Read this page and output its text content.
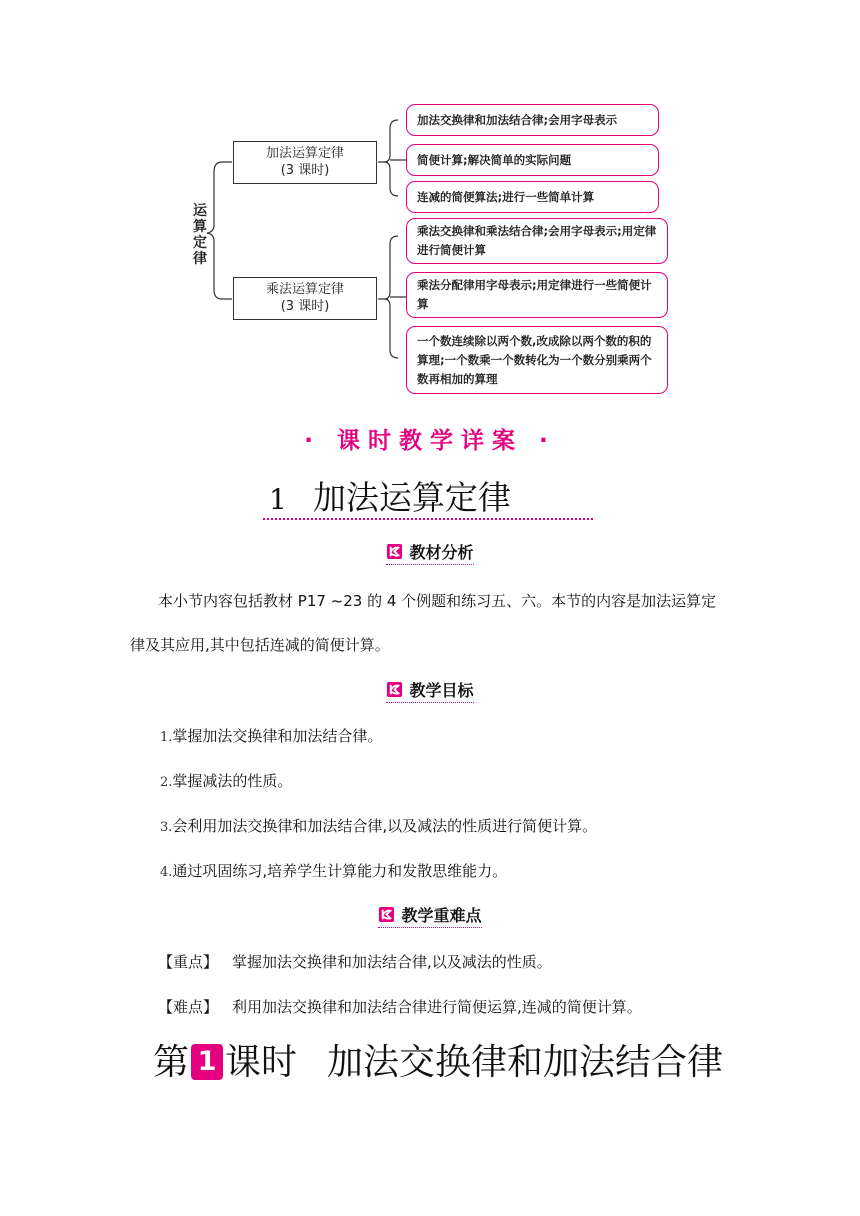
运算定律
加法运算定律
(3 课时)
乘法运算定律
(3 课时)
加法交换律和加法结合律;会用字母表示
简便计算;解决简单的实际问题
连减的简便算法;进行一些简单计算
乘法交换律和乘法结合律;会用字母表示;用定律进行简便计算
乘法分配律用字母表示;用定律进行一些简便计算
一个数连续除以两个数,改成除以两个数的积的算理;一个数乘一个数转化为一个数分别乘两个数再相加的算理
· 课时教学详案 ·
1 加法运算定律
教材分析
本小节内容包括教材 P17 ~23 的 4 个例题和练习五、六。本节的内容是加法运算定
律及其应用,其中包括连减的简便计算。
教学目标
1.掌握加法交换律和加法结合律。
2.掌握减法的性质。
3.会利用加法交换律和加法结合律,以及减法的性质进行简便计算。
4.通过巩固练习,培养学生计算能力和发散思维能力。
教学重难点
【重点】 掌握加法交换律和加法结合律,以及减法的性质。
【难点】 利用加法交换律和加法结合律进行简便运算,连减的简便计算。
第 1 课时 加法交换律和加法结合律
